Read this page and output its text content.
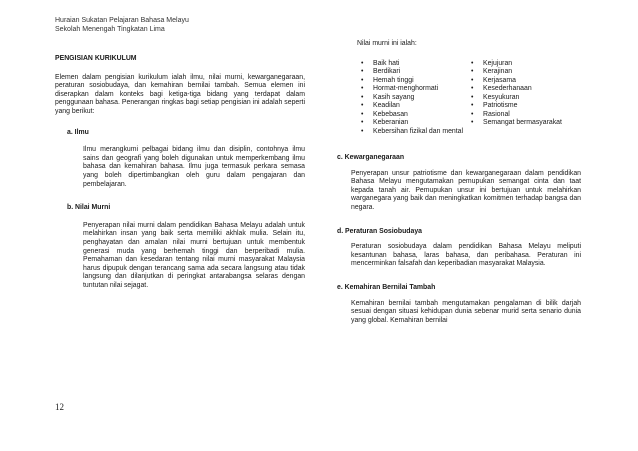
Huraian Sukatan Pelajaran Bahasa Melayu
Sekolah Menengah Tingkatan Lima
PENGISIAN KURIKULUM
Elemen dalam pengisian kurikulum ialah ilmu, nilai murni, kewarganegaraan, peraturan sosiobudaya, dan kemahiran bernilai tambah. Semua elemen ini diserapkan dalam konteks bagi ketiga-tiga bidang yang terdapat dalam penggunaan bahasa. Penerangan ringkas bagi setiap pengisian ini adalah seperti yang berikut:
a. Ilmu
Ilmu merangkumi pelbagai bidang ilmu dan disiplin, contohnya ilmu sains dan geografi yang boleh digunakan untuk memperkembang ilmu bahasa dan kemahiran bahasa. Ilmu juga termasuk perkara semasa yang boleh dipertimbangkan oleh guru dalam pengajaran dan pembelajaran.
b. Nilai Murni
Penyerapan nilai murni dalam pendidikan Bahasa Melayu adalah untuk melahirkan insan yang baik serta memiliki akhlak mulia. Selain itu, penghayatan dan amalan nilai murni bertujuan untuk membentuk generasi muda yang berhemah tinggi dan berperibadi mulia. Pemahaman dan kesedaran tentang nilai murni masyarakat Malaysia harus dipupuk dengan terancang sama ada secara langsung atau tidak langsung dan dilanjutkan di peringkat antarabangsa selaras dengan tuntutan nilai sejagat.
12
Nilai murni ini ialah:
• Baik hati
• Berdikari
• Hemah tinggi
• Hormat-menghormati
• Kasih sayang
• Keadilan
• Kebebasan
• Keberanian
• Kebersihan fizikal dan mental
• Kejujuran
• Kerajinan
• Kerjasama
• Kesederhanaan
• Kesyukuran
• Patriotisme
• Rasional
• Semangat bermasyarakat
c. Kewarganegaraan
Penyerapan unsur patriotisme dan kewarganegaraan dalam pendidikan Bahasa Melayu mengutamakan pemupukan semangat cinta dan taat kepada tanah air. Pemupukan unsur ini bertujuan untuk melahirkan warganegara yang baik dan meningkatkan komitmen terhadap bangsa dan negara.
d. Peraturan Sosiobudaya
Peraturan sosiobudaya dalam pendidikan Bahasa Melayu meliputi kesantunan bahasa, laras bahasa, dan peribahasa. Peraturan ini mencerminkan falsafah dan keperibadian masyarakat Malaysia.
e. Kemahiran Bernilai Tambah
Kemahiran bernilai tambah mengutamakan pengalaman di bilik darjah sesuai dengan situasi kehidupan dunia sebenar murid serta senario dunia yang global. Kemahiran bernilai
